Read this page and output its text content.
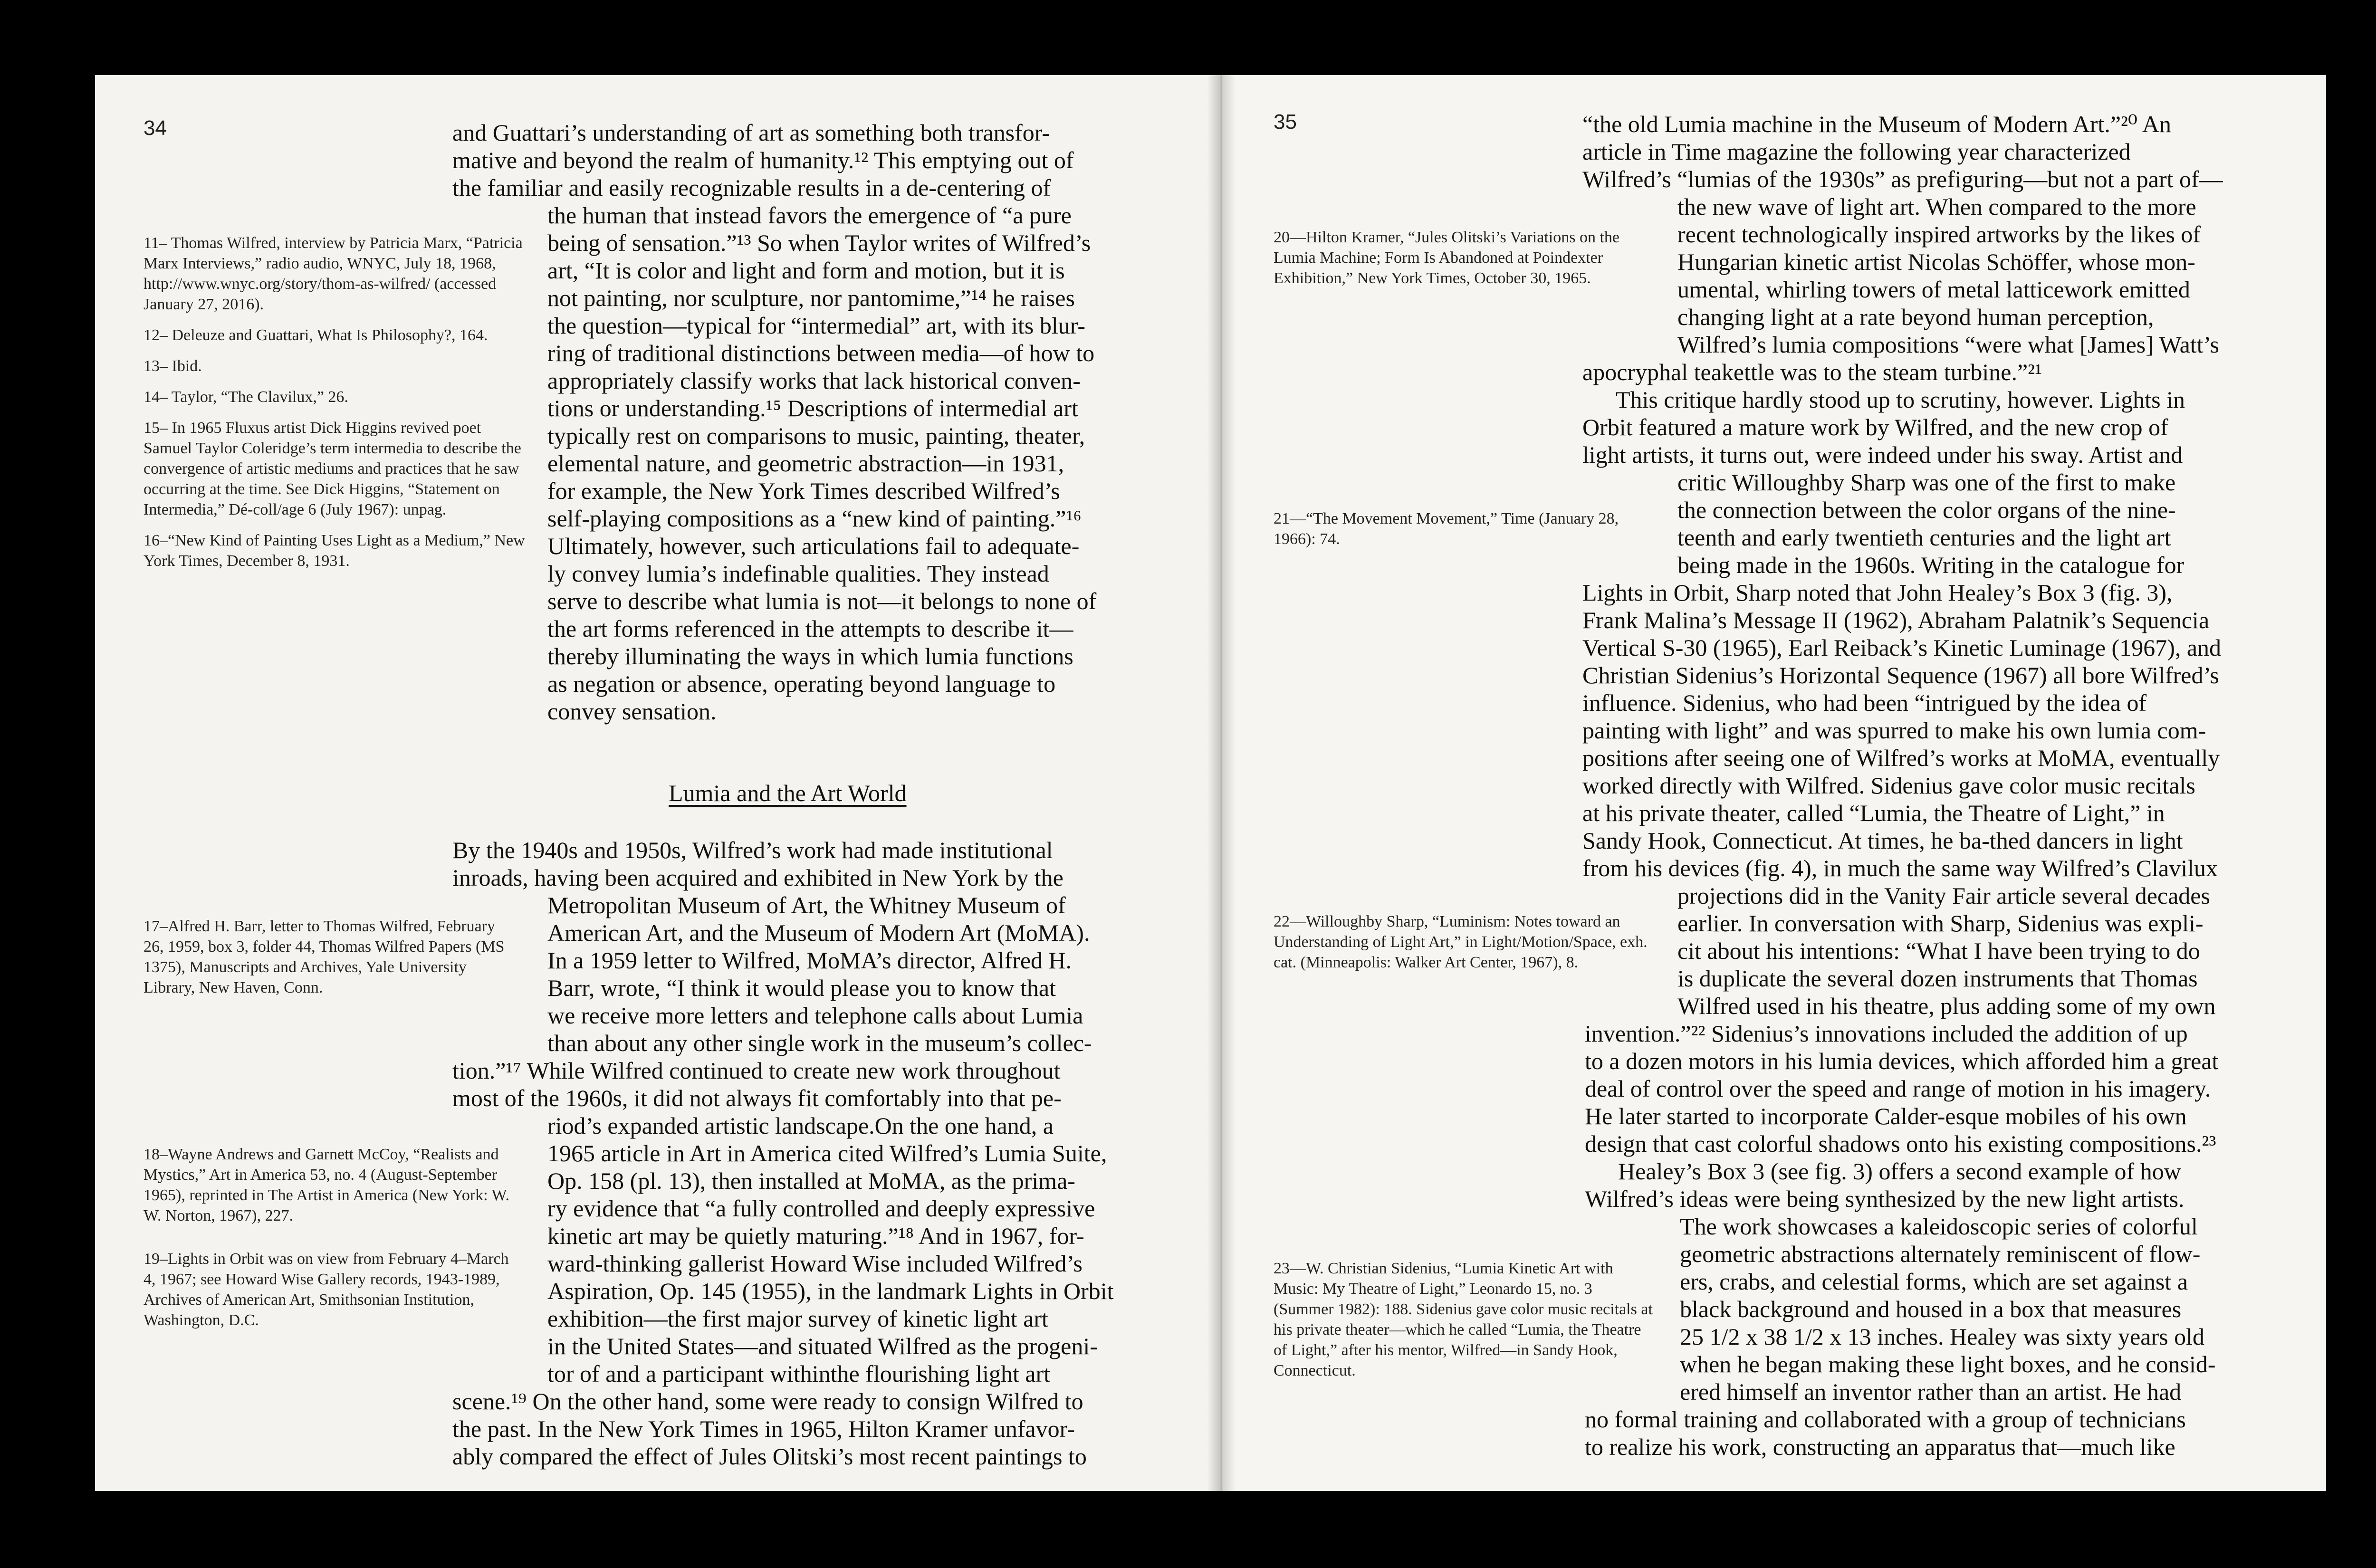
34
11– Thomas Wilfred, interview by Patricia Marx, “Patricia Marx Interviews,” radio audio, WNYC, July 18, 1968, http://www.wnyc.org/story/thom-as-wilfred/ (accessed January 27, 2016).
12– Deleuze and Guattari, What Is Philosophy?, 164.
13– Ibid.
14– Taylor, “The Clavilux,” 26.
15– In 1965 Fluxus artist Dick Higgins revived poet Samuel Taylor Coleridge’s term intermedia to describe the convergence of artistic mediums and practices that he saw occurring at the time. See Dick Higgins, “Statement on Intermedia,” Dé-coll/age 6 (July 1967): unpag.
16–“New Kind of Painting Uses Light as a Medium,” New York Times, December 8, 1931.
17–Alfred H. Barr, letter to Thomas Wilfred, February 26, 1959, box 3, folder 44, Thomas Wilfred Papers (MS 1375), Manuscripts and Archives, Yale University Library, New Haven, Conn.
18–Wayne Andrews and Garnett McCoy, “Realists and Mystics,” Art in America 53, no. 4 (August-September 1965), reprinted in The Artist in America (New York: W. W. Norton, 1967), 227.
19–Lights in Orbit was on view from February 4–March 4, 1967; see Howard Wise Gallery records, 1943-1989, Archives of American Art, Smithsonian Institution, Washington, D.C.
and Guattari’s understanding of art as something both transfor-
mative and beyond the realm of humanity.¹² This emptying out of
the familiar and easily recognizable results in a de-centering of
the human that instead favors the emergence of “a pure
being of sensation.”¹³ So when Taylor writes of Wilfred’s
art, “It is color and light and form and motion, but it is
not painting, nor sculpture, nor pantomime,”¹⁴ he raises
the question—typical for “intermedial” art, with its blur-
ring of traditional distinctions between media—of how to
appropriately classify works that lack historical conven-
tions or understanding.¹⁵ Descriptions of intermedial art
typically rest on comparisons to music, painting, theater,
elemental nature, and geometric abstraction—in 1931,
for example, the New York Times described Wilfred’s
self-playing compositions as a “new kind of painting.”¹⁶
Ultimately, however, such articulations fail to adequate-
ly convey lumia’s indefinable qualities. They instead
serve to describe what lumia is not—it belongs to none of
the art forms referenced in the attempts to describe it—
thereby illuminating the ways in which lumia functions
as negation or absence, operating beyond language to
convey sensation.
Lumia and the Art World
By the 1940s and 1950s, Wilfred’s work had made institutional
inroads, having been acquired and exhibited in New York by the
Metropolitan Museum of Art, the Whitney Museum of
American Art, and the Museum of Modern Art (MoMA).
In a 1959 letter to Wilfred, MoMA’s director, Alfred H.
Barr, wrote, “I think it would please you to know that
we receive more letters and telephone calls about Lumia
than about any other single work in the museum’s collec-
tion.”¹⁷ While Wilfred continued to create new work throughout
most of the 1960s, it did not always fit comfortably into that pe-
riod’s expanded artistic landscape.On the one hand, a
1965 article in Art in America cited Wilfred’s Lumia Suite,
Op. 158 (pl. 13), then installed at MoMA, as the prima-
ry evidence that “a fully controlled and deeply expressive
kinetic art may be quietly maturing.”¹⁸ And in 1967, for-
ward-thinking gallerist Howard Wise included Wilfred’s
Aspiration, Op. 145 (1955), in the landmark Lights in Orbit
exhibition—the first major survey of kinetic light art
in the United States—and situated Wilfred as the progeni-
tor of and a participant withinthe flourishing light art
scene.¹⁹ On the other hand, some were ready to consign Wilfred to
the past. In the New York Times in 1965, Hilton Kramer unfavor-
ably compared the effect of Jules Olitski’s most recent paintings to
35
20—Hilton Kramer, “Jules Olitski’s Variations on the Lumia Machine; Form Is Abandoned at Poindexter Exhibition,” New York Times, October 30, 1965.
21—“The Movement Movement,” Time (January 28, 1966): 74.
22—Willoughby Sharp, “Luminism: Notes toward an Understanding of Light Art,” in Light/Motion/Space, exh. cat. (Minneapolis: Walker Art Center, 1967), 8.
23—W. Christian Sidenius, “Lumia Kinetic Art with Music: My Theatre of Light,” Leonardo 15, no. 3 (Summer 1982): 188. Sidenius gave color music recitals at his private theater—which he called “Lumia, the Theatre of Light,” after his mentor, Wilfred—in Sandy Hook, Connecticut.
“the old Lumia machine in the Museum of Modern Art.”²⁰ An
article in Time magazine the following year characterized
Wilfred’s “lumias of the 1930s” as prefiguring—but not a part of—
the new wave of light art. When compared to the more
recent technologically inspired artworks by the likes of
Hungarian kinetic artist Nicolas Schöffer, whose mon-
umental, whirling towers of metal latticework emitted
changing light at a rate beyond human perception,
Wilfred’s lumia compositions “were what [James] Watt’s
apocryphal teakettle was to the steam turbine.”²¹
This critique hardly stood up to scrutiny, however. Lights in
Orbit featured a mature work by Wilfred, and the new crop of
light artists, it turns out, were indeed under his sway. Artist and
critic Willoughby Sharp was one of the first to make
the connection between the color organs of the nine-
teenth and early twentieth centuries and the light art
being made in the 1960s. Writing in the catalogue for
Lights in Orbit, Sharp noted that John Healey’s Box 3 (fig. 3),
Frank Malina’s Message II (1962), Abraham Palatnik’s Sequencia
Vertical S-30 (1965), Earl Reiback’s Kinetic Luminage (1967), and
Christian Sidenius’s Horizontal Sequence (1967) all bore Wilfred’s
influence. Sidenius, who had been “intrigued by the idea of
painting with light” and was spurred to make his own lumia com-
positions after seeing one of Wilfred’s works at MoMA, eventually
worked directly with Wilfred. Sidenius gave color music recitals
at his private theater, called “Lumia, the Theatre of Light,” in
Sandy Hook, Connecticut. At times, he ba-thed dancers in light
from his devices (fig. 4), in much the same way Wilfred’s Clavilux
projections did in the Vanity Fair article several decades
earlier. In conversation with Sharp, Sidenius was expli-
cit about his intentions: “What I have been trying to do
is duplicate the several dozen instruments that Thomas
Wilfred used in his theatre, plus adding some of my own
invention.”²² Sidenius’s innovations included the addition of up
to a dozen motors in his lumia devices, which afforded him a great
deal of control over the speed and range of motion in his imagery.
He later started to incorporate Calder-esque mobiles of his own
design that cast colorful shadows onto his existing compositions.²³
Healey’s Box 3 (see fig. 3) offers a second example of how
Wilfred’s ideas were being synthesized by the new light artists.
The work showcases a kaleidoscopic series of colorful
geometric abstractions alternately reminiscent of flow-
ers, crabs, and celestial forms, which are set against a
black background and housed in a box that measures
25 1/2 x 38 1/2 x 13 inches. Healey was sixty years old
when he began making these light boxes, and he consid-
ered himself an inventor rather than an artist. He had
no formal training and collaborated with a group of technicians
to realize his work, constructing an apparatus that—much like
